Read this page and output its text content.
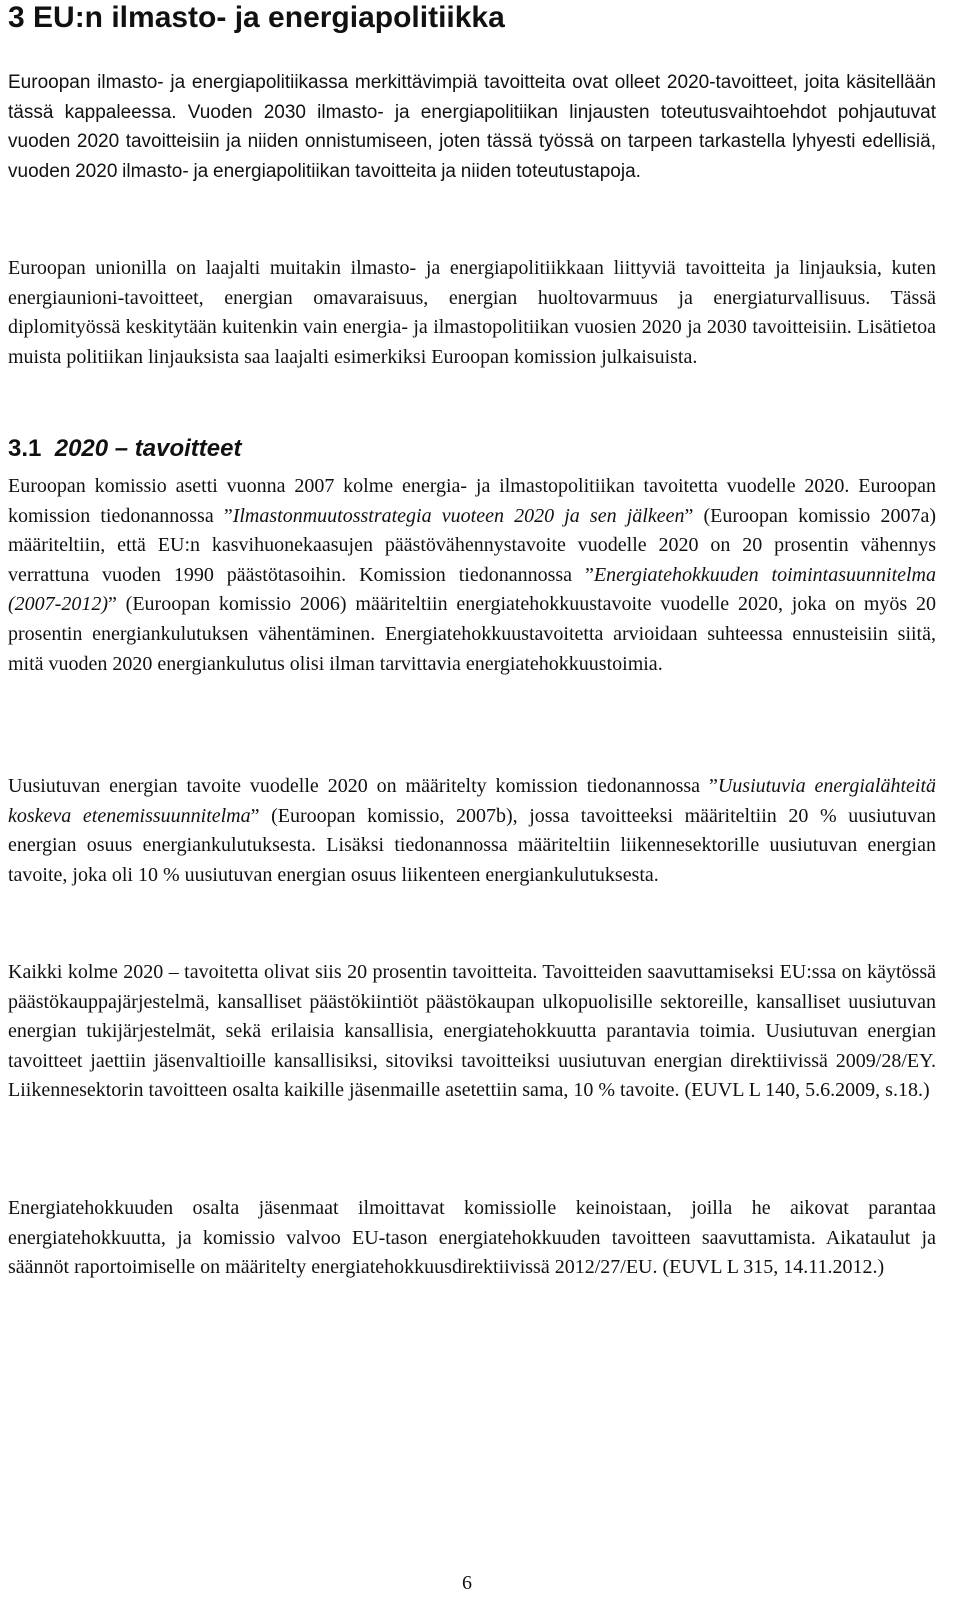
3 EU:n ilmasto- ja energiapolitiikka

Euroopan ilmasto- ja energiapolitiikassa merkittävimpiä tavoitteita ovat olleet 2020-tavoitteet, joita käsitellään tässä kappaleessa. Vuoden 2030 ilmasto- ja energiapolitiikan linjausten toteutusvaihtoehdot pohjautuvat vuoden 2020 tavoitteisiin ja niiden onnistumiseen, joten tässä työssä on tarpeen tarkastella lyhyesti edellisiä, vuoden 2020 ilmasto- ja energiapolitiikan tavoitteita ja niiden toteutustapoja.

Euroopan unionilla on laajalti muitakin ilmasto- ja energiapolitiikkaan liittyviä tavoitteita ja linjauksia, kuten energiaunioni-tavoitteet, energian omavaraisuus, energian huoltovarmuus ja energiaturvallisuus. Tässä diplomityössä keskitytään kuitenkin vain energia- ja ilmastopolitiikan vuosien 2020 ja 2030 tavoitteisiin. Lisätietoa muista politiikan linjauksista saa laajalti esimerkiksi Euroopan komission julkaisuista.

3.1 2020 – tavoitteet

Euroopan komissio asetti vuonna 2007 kolme energia- ja ilmastopolitiikan tavoitetta vuodelle 2020. Euroopan komission tiedonannossa ”Ilmastonmuutosstrategia vuoteen 2020 ja sen jälkeen” (Euroopan komissio 2007a) määriteltiin, että EU:n kasvihuonekaasujen päästövähennystavoite vuodelle 2020 on 20 prosentin vähennys verrattuna vuoden 1990 päästötasoihin. Komission tiedonannossa ”Energiatehokkuuden toimintasuunnitelma (2007-2012)” (Euroopan komissio 2006) määriteltiin energiatehokkuustavoite vuodelle 2020, joka on myös 20 prosentin energiankulutuksen vähentäminen. Energiatehokkuustavoitetta arvioidaan suhteessa ennusteisiin siitä, mitä vuoden 2020 energiankulutus olisi ilman tarvittavia energiatehokkuustoimia.

Uusiutuvan energian tavoite vuodelle 2020 on määritelty komission tiedonannossa ”Uusiutuvia energialähteitä koskeva etenemissuunnitelma” (Euroopan komissio, 2007b), jossa tavoitteeksi määriteltiin 20 % uusiutuvan energian osuus energiankulutuksesta. Lisäksi tiedonannossa määriteltiin liikennesektorille uusiutuvan energian tavoite, joka oli 10 % uusiutuvan energian osuus liikenteen energiankulutuksesta.

Kaikki kolme 2020 – tavoitetta olivat siis 20 prosentin tavoitteita. Tavoitteiden saavuttamiseksi EU:ssa on käytössä päästökauppajärjestelmä, kansalliset päästökiintiöt päästökaupan ulkopuolisille sektoreille, kansalliset uusiutuvan energian tukijärjestelmät, sekä erilaisia kansallisia, energiatehokkuutta parantavia toimia. Uusiutuvan energian tavoitteet jaettiin jäsenvaltioille kansallisiksi, sitoviksi tavoitteiksi uusiutuvan energian direktiivissä 2009/28/EY. Liikennesektorin tavoitteen osalta kaikille jäsenmaille asetettiin sama, 10 % tavoite. (EUVL L 140, 5.6.2009, s.18.)

Energiatehokkuuden osalta jäsenmaat ilmoittavat komissiolle keinoistaan, joilla he aikovat parantaa energiatehokkuutta, ja komissio valvoo EU-tason energiatehokkuuden tavoitteen saavuttamista. Aikataulut ja säännöt raportoimiselle on määritelty energiatehokkuusdirektiivissä 2012/27/EU. (EUVL L 315, 14.11.2012.)

6
